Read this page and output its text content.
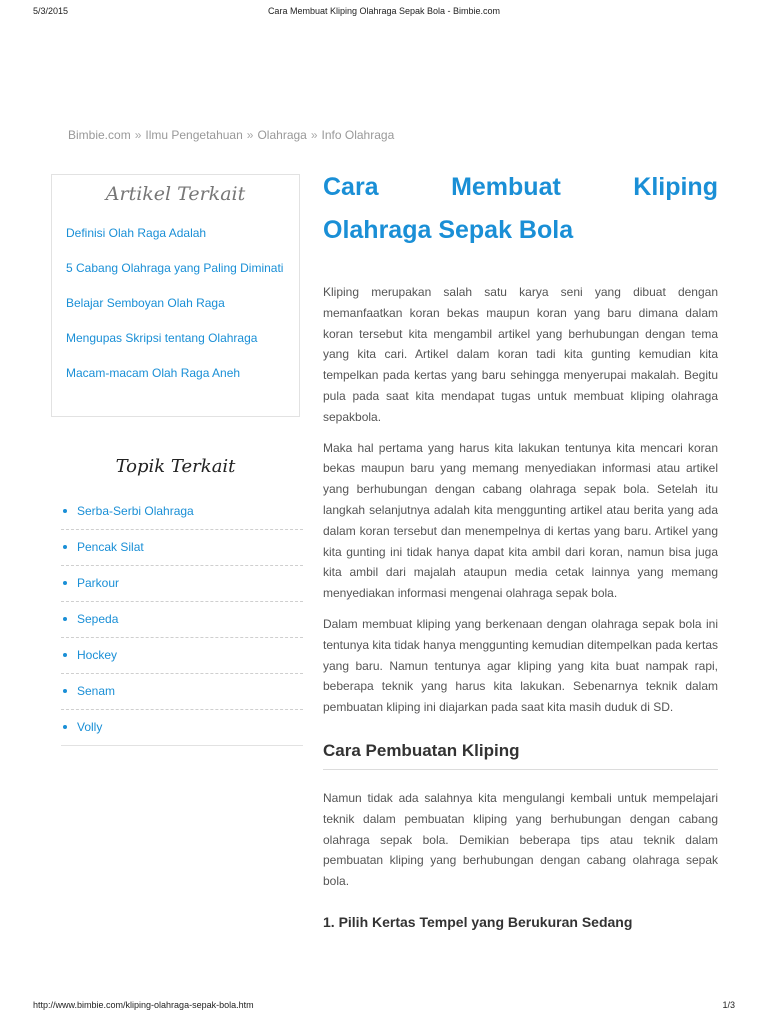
5/3/2015	Cara Membuat Kliping Olahraga Sepak Bola - Bimbie.com
Bimbie.com » Ilmu Pengetahuan » Olahraga » Info Olahraga
Artikel Terkait
Definisi Olah Raga Adalah
5 Cabang Olahraga yang Paling Diminati
Belajar Semboyan Olah Raga
Mengupas Skripsi tentang Olahraga
Macam-macam Olah Raga Aneh
Topik Terkait
Serba-Serbi Olahraga
Pencak Silat
Parkour
Sepeda
Hockey
Senam
Volly
Cara	Membuat	Kliping
Olahraga Sepak Bola

Kliping merupakan salah satu karya seni yang dibuat dengan memanfaatkan koran bekas maupun koran yang baru dimana dalam koran tersebut kita mengambil artikel yang berhubungan dengan tema yang kita cari. Artikel dalam koran tadi kita gunting kemudian kita tempelkan pada kertas yang baru sehingga menyerupai makalah. Begitu pula pada saat kita mendapat tugas untuk membuat kliping olahraga sepakbola.

Maka hal pertama yang harus kita lakukan tentunya kita mencari koran bekas maupun baru yang memang menyediakan informasi atau artikel yang berhubungan dengan cabang olahraga sepak bola. Setelah itu langkah selanjutnya adalah kita menggunting artikel atau berita yang ada dalam koran tersebut dan menempelnya di kertas yang baru. Artikel yang kita gunting ini tidak hanya dapat kita ambil dari koran, namun bisa juga kita ambil dari majalah ataupun media cetak lainnya yang memang menyediakan informasi mengenai olahraga sepak bola.

Dalam membuat kliping yang berkenaan dengan olahraga sepak bola ini tentunya kita tidak hanya menggunting kemudian ditempelkan pada kertas yang baru. Namun tentunya agar kliping yang kita buat nampak rapi, beberapa teknik yang harus kita lakukan. Sebenarnya teknik dalam pembuatan kliping ini diajarkan pada saat kita masih duduk di SD.

Cara Pembuatan Kliping

Namun tidak ada salahnya kita mengulangi kembali untuk mempelajari teknik dalam pembuatan kliping yang berhubungan dengan cabang olahraga sepak bola. Demikian beberapa tips atau teknik dalam pembuatan kliping yang berhubungan dengan cabang olahraga sepak bola.

1. Pilih Kertas Tempel yang Berukuran Sedang
http://www.bimbie.com/kliping-olahraga-sepak-bola.htm	1/3
